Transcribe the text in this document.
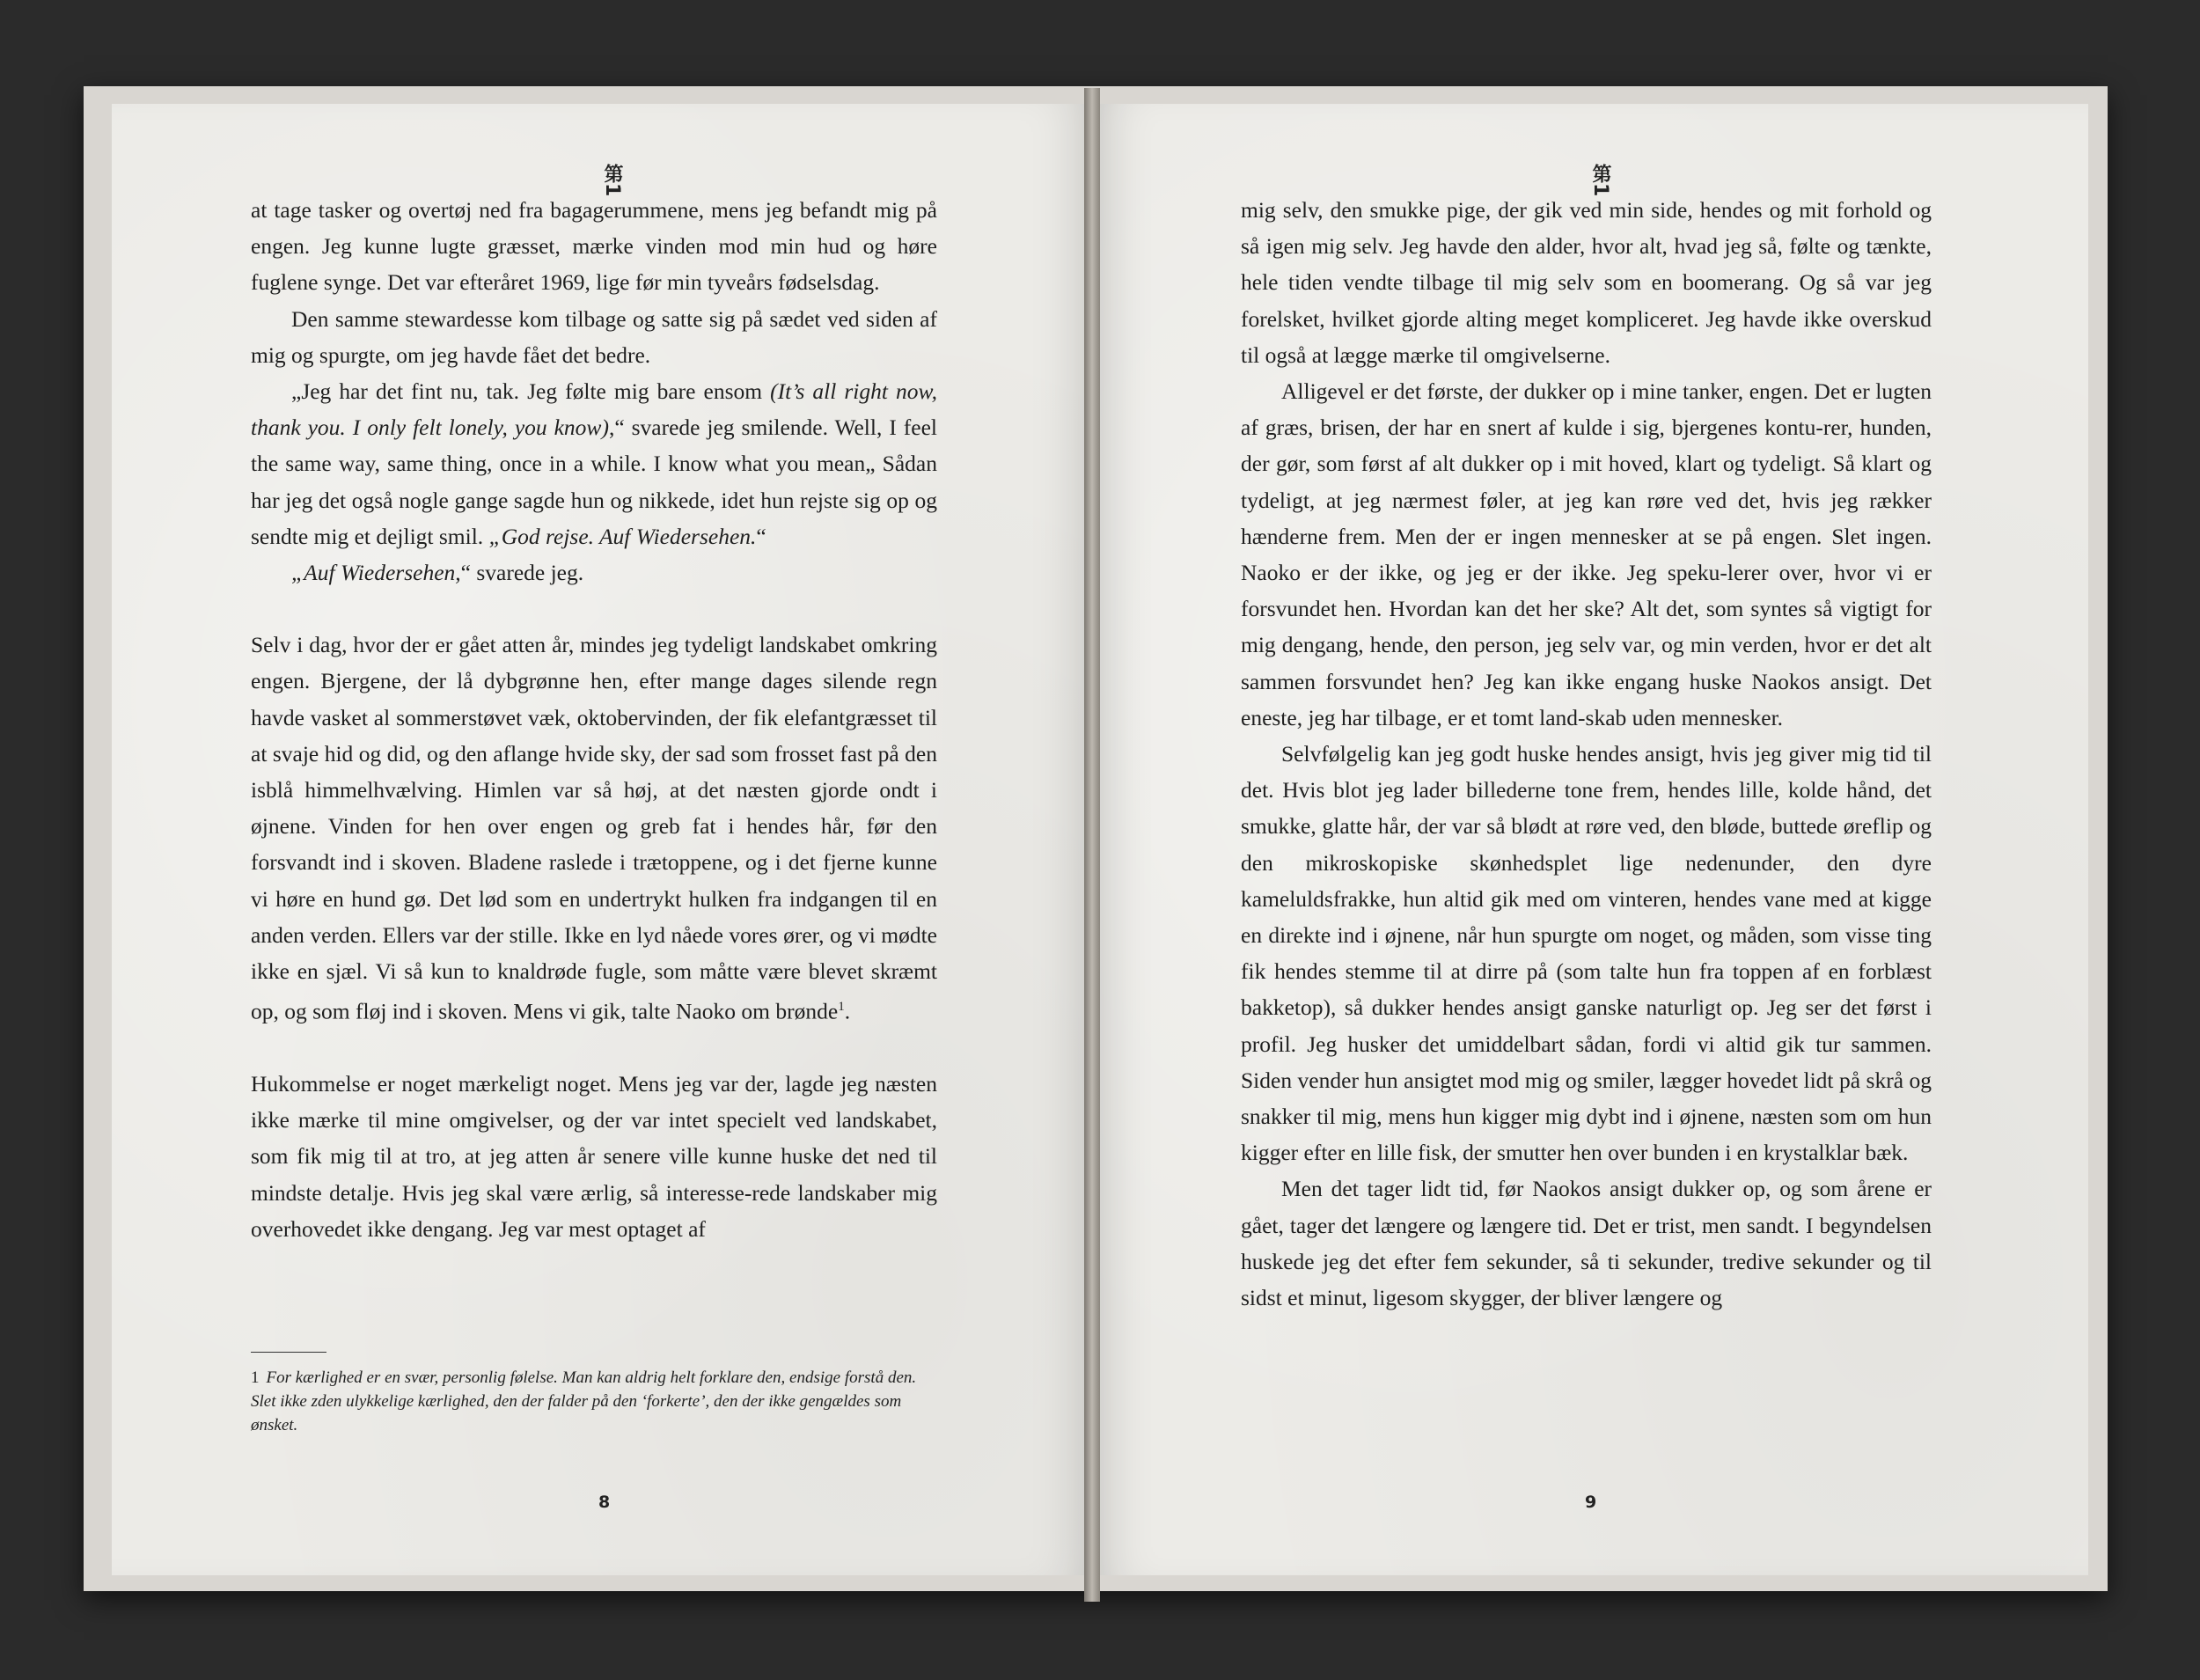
第1

at tage tasker og overtøj ned fra bagagerummene, mens jeg befandt mig på engen. Jeg kunne lugte græsset, mærke vinden mod min hud og høre fuglene synge. Det var efteråret 1969, lige før min tyveårs fødselsdag.

Den samme stewardesse kom tilbage og satte sig på sædet ved siden af mig og spurgte, om jeg havde fået det bedre.

„Jeg har det fint nu, tak. Jeg følte mig bare ensom (It’s all right now, thank you. I only felt lonely, you know),“ svarede jeg smilende. Well, I feel the same way, same thing, once in a while. I know what you mean„ Sådan har jeg det også nogle gange sagde hun og nikkede, idet hun rejste sig op og sendte mig et dejligt smil. „God rejse. Auf Wiedersehen.“

„Auf Wiedersehen,“ svarede jeg.

Selv i dag, hvor der er gået atten år, mindes jeg tydeligt landskabet omkring engen. Bjergene, der lå dybgrønne hen, efter mange dages silende regn havde vasket al sommerstøvet væk, oktobervinden, der fik elefantgræsset til at svaje hid og did, og den aflange hvide sky, der sad som frosset fast på den isblå himmelhvælving. Himlen var så høj, at det næsten gjorde ondt i øjnene. Vinden for hen over engen og greb fat i hendes hår, før den forsvandt ind i skoven. Bladene raslede i trætoppene, og i det fjerne kunne vi høre en hund gø. Det lød som en undertrykt hulken fra indgangen til en anden verden. Ellers var der stille. Ikke en lyd nåede vores ører, og vi mødte ikke en sjæl. Vi så kun to knaldrøde fugle, som måtte være blevet skræmt op, og som fløj ind i skoven. Mens vi gik, talte Naoko om brønde$^1$.

Hukommelse er noget mærkeligt noget. Mens jeg var der, lagde jeg næsten ikke mærke til mine omgivelser, og der var intet specielt ved landskabet, som fik mig til at tro, at jeg atten år senere ville kunne huske det ned til mindste detalje. Hvis jeg skal være ærlig, så interesse-rede landskaber mig overhovedet ikke dengang. Jeg var mest optaget af

1 For kærlighed er en svær, personlig følelse. Man kan aldrig helt forklare den, endsige forstå den. Slet ikke zden ulykkelige kærlighed, den der falder på den ‘forkerte’, den der ikke gengældes som ønsket.
8
第1

mig selv, den smukke pige, der gik ved min side, hendes og mit forhold og så igen mig selv. Jeg havde den alder, hvor alt, hvad jeg så, følte og tænkte, hele tiden vendte tilbage til mig selv som en boomerang. Og så var jeg forelsket, hvilket gjorde alting meget kompliceret. Jeg havde ikke overskud til også at lægge mærke til omgivelserne.

Alligevel er det første, der dukker op i mine tanker, engen. Det er lugten af græs, brisen, der har en snert af kulde i sig, bjergenes kontu-rer, hunden, der gør, som først af alt dukker op i mit hoved, klart og tydeligt. Så klart og tydeligt, at jeg nærmest føler, at jeg kan røre ved det, hvis jeg rækker hænderne frem. Men der er ingen mennesker at se på engen. Slet ingen. Naoko er der ikke, og jeg er der ikke. Jeg speku-lerer over, hvor vi er forsvundet hen. Hvordan kan det her ske? Alt det, som syntes så vigtigt for mig dengang, hende, den person, jeg selv var, og min verden, hvor er det alt sammen forsvundet hen? Jeg kan ikke engang huske Naokos ansigt. Det eneste, jeg har tilbage, er et tomt land-skab uden mennesker.

Selvfølgelig kan jeg godt huske hendes ansigt, hvis jeg giver mig tid til det. Hvis blot jeg lader billederne tone frem, hendes lille, kolde hånd, det smukke, glatte hår, der var så blødt at røre ved, den bløde, buttede øreflip og den mikroskopiske skønhedsplet lige nedenunder, den dyre kameluldsfrakke, hun altid gik med om vinteren, hendes vane med at kigge en direkte ind i øjnene, når hun spurgte om noget, og måden, som visse ting fik hendes stemme til at dirre på (som talte hun fra toppen af en forblæst bakketop), så dukker hendes ansigt ganske naturligt op. Jeg ser det først i profil. Jeg husker det umiddelbart sådan, fordi vi altid gik tur sammen. Siden vender hun ansigtet mod mig og smiler, lægger hovedet lidt på skrå og snakker til mig, mens hun kigger mig dybt ind i øjnene, næsten som om hun kigger efter en lille fisk, der smutter hen over bunden i en krystalklar bæk.

Men det tager lidt tid, før Naokos ansigt dukker op, og som årene er gået, tager det længere og længere tid. Det er trist, men sandt. I begyndelsen huskede jeg det efter fem sekunder, så ti sekunder, tredive sekunder og til sidst et minut, ligesom skygger, der bliver længere og

9
